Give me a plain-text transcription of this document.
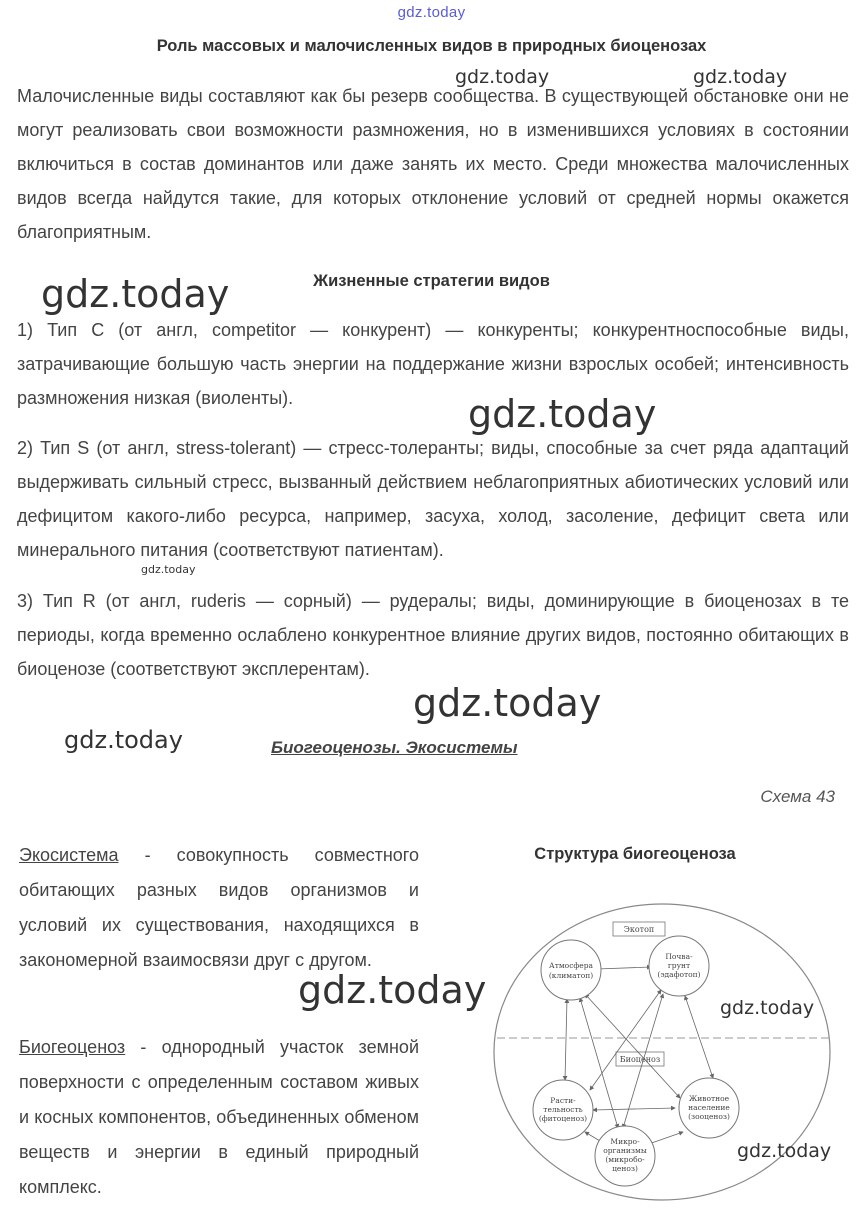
gdz.today
Роль массовых и малочисленных видов в природных биоценозах
Малочисленные виды составляют как бы резерв сообщества. В существующей обстановке они не могут реализовать свои возможности размножения, но в изменившихся условиях в состоянии включиться в состав доминантов или даже занять их место. Среди множества малочисленных видов всегда найдутся такие, для которых отклонение условий от средней нормы окажется благоприятным.
Жизненные стратегии видов
1) Тип С (от англ, competitor — конкурент) — конкуренты; конкурентноспособные виды, затрачивающие большую часть энергии на поддержание жизни взрослых особей; интенсивность размножения низкая (виоленты).
2) Тип S (от англ, stress-tolerant) — стресс-толеранты; виды, способные за счет ряда адаптаций выдерживать сильный стресс, вызванный действием неблагоприятных абиотических условий или дефицитом какого-либо ресурса, например, засуха, холод, засоление, дефицит света или минерального питания (соответствуют патиентам).
3) Тип R (от англ, ruderis — сорный) — рудералы; виды, доминирующие в биоценозах в те периоды, когда временно ослаблено конкурентное влияние других видов, постоянно обитающих в биоценозе (соответствуют эксплерентам).
Биогеоценозы. Экосистемы
Схема 43
Экосистема - совокупность совместного обитающих разных видов организмов и условий их существования, находящихся в закономерной взаимосвязи друг с другом.
Биогеоценоз - однородный участок земной поверхности с определенным составом живых и косных компонентов, объединенных обменом веществ и энергии в единый природный комплекс.
Структура биогеоценоза
Экотоп
Биоценоз
Атмосфера
(климатоп)
Почва-
грунт
(эдафотоп)
Расти-
тельность
(фитоценоз)
Животное
население
(зооценоз)
Микро-
организмы
(микробо-
ценоз)
gdz.today	gdz.today
gdz.today
gdz.today
gdz.today
gdz.today
gdz.today
gdz.today	gdz.today
gdz.today
